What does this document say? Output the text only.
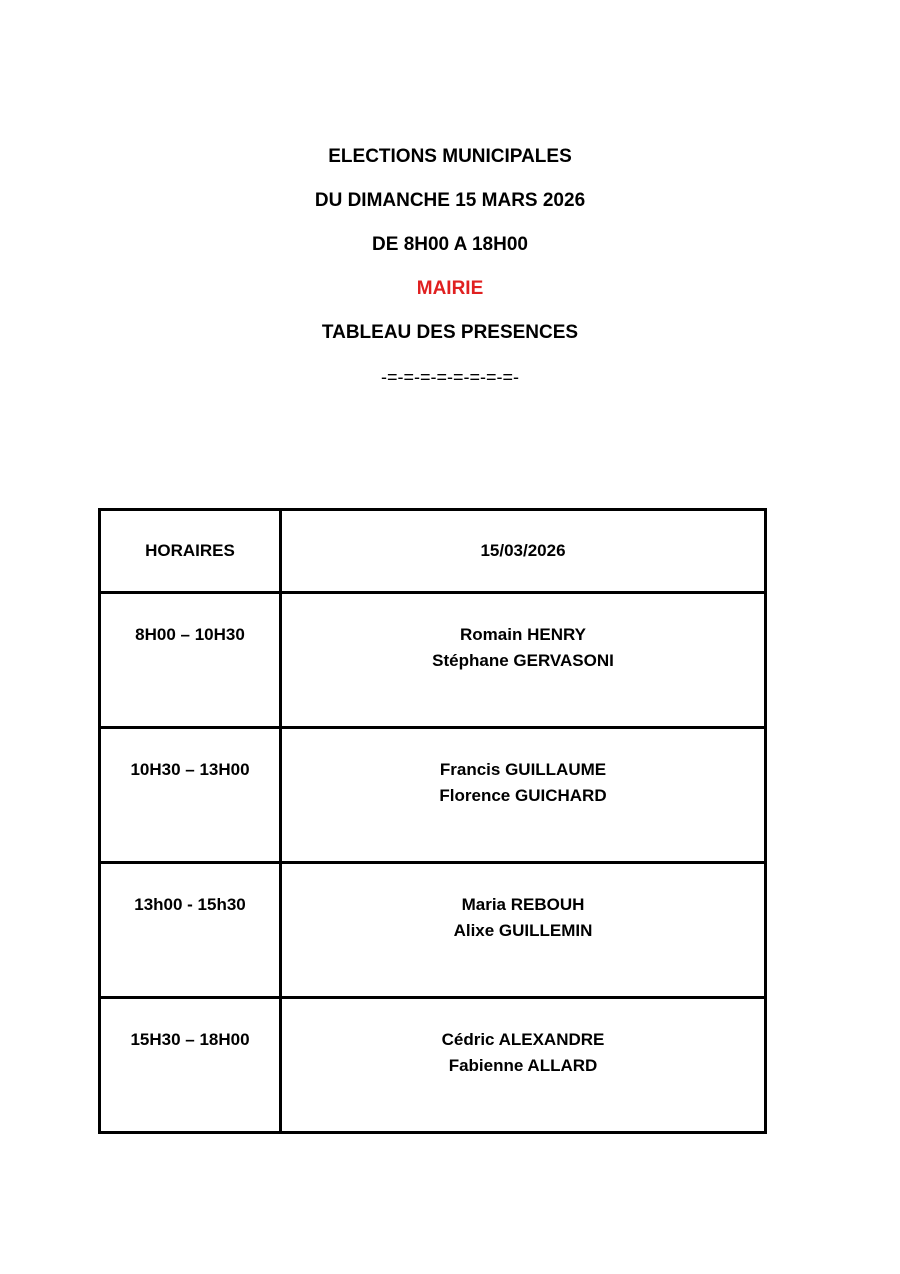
ELECTIONS MUNICIPALES
DU DIMANCHE 15 MARS 2026
DE 8H00 A 18H00
MAIRIE
TABLEAU DES PRESENCES
-=-=-=-=-=-=-=-=-
HORAIRES	15/03/2026

8H00 – 10H30	Romain HENRY
Stéphane GERVASONI

10H30 – 13H00	Francis GUILLAUME
Florence GUICHARD

13h00 - 15h30	Maria REBOUH
Alixe GUILLEMIN

15H30 – 18H00	Cédric ALEXANDRE
Fabienne ALLARD
